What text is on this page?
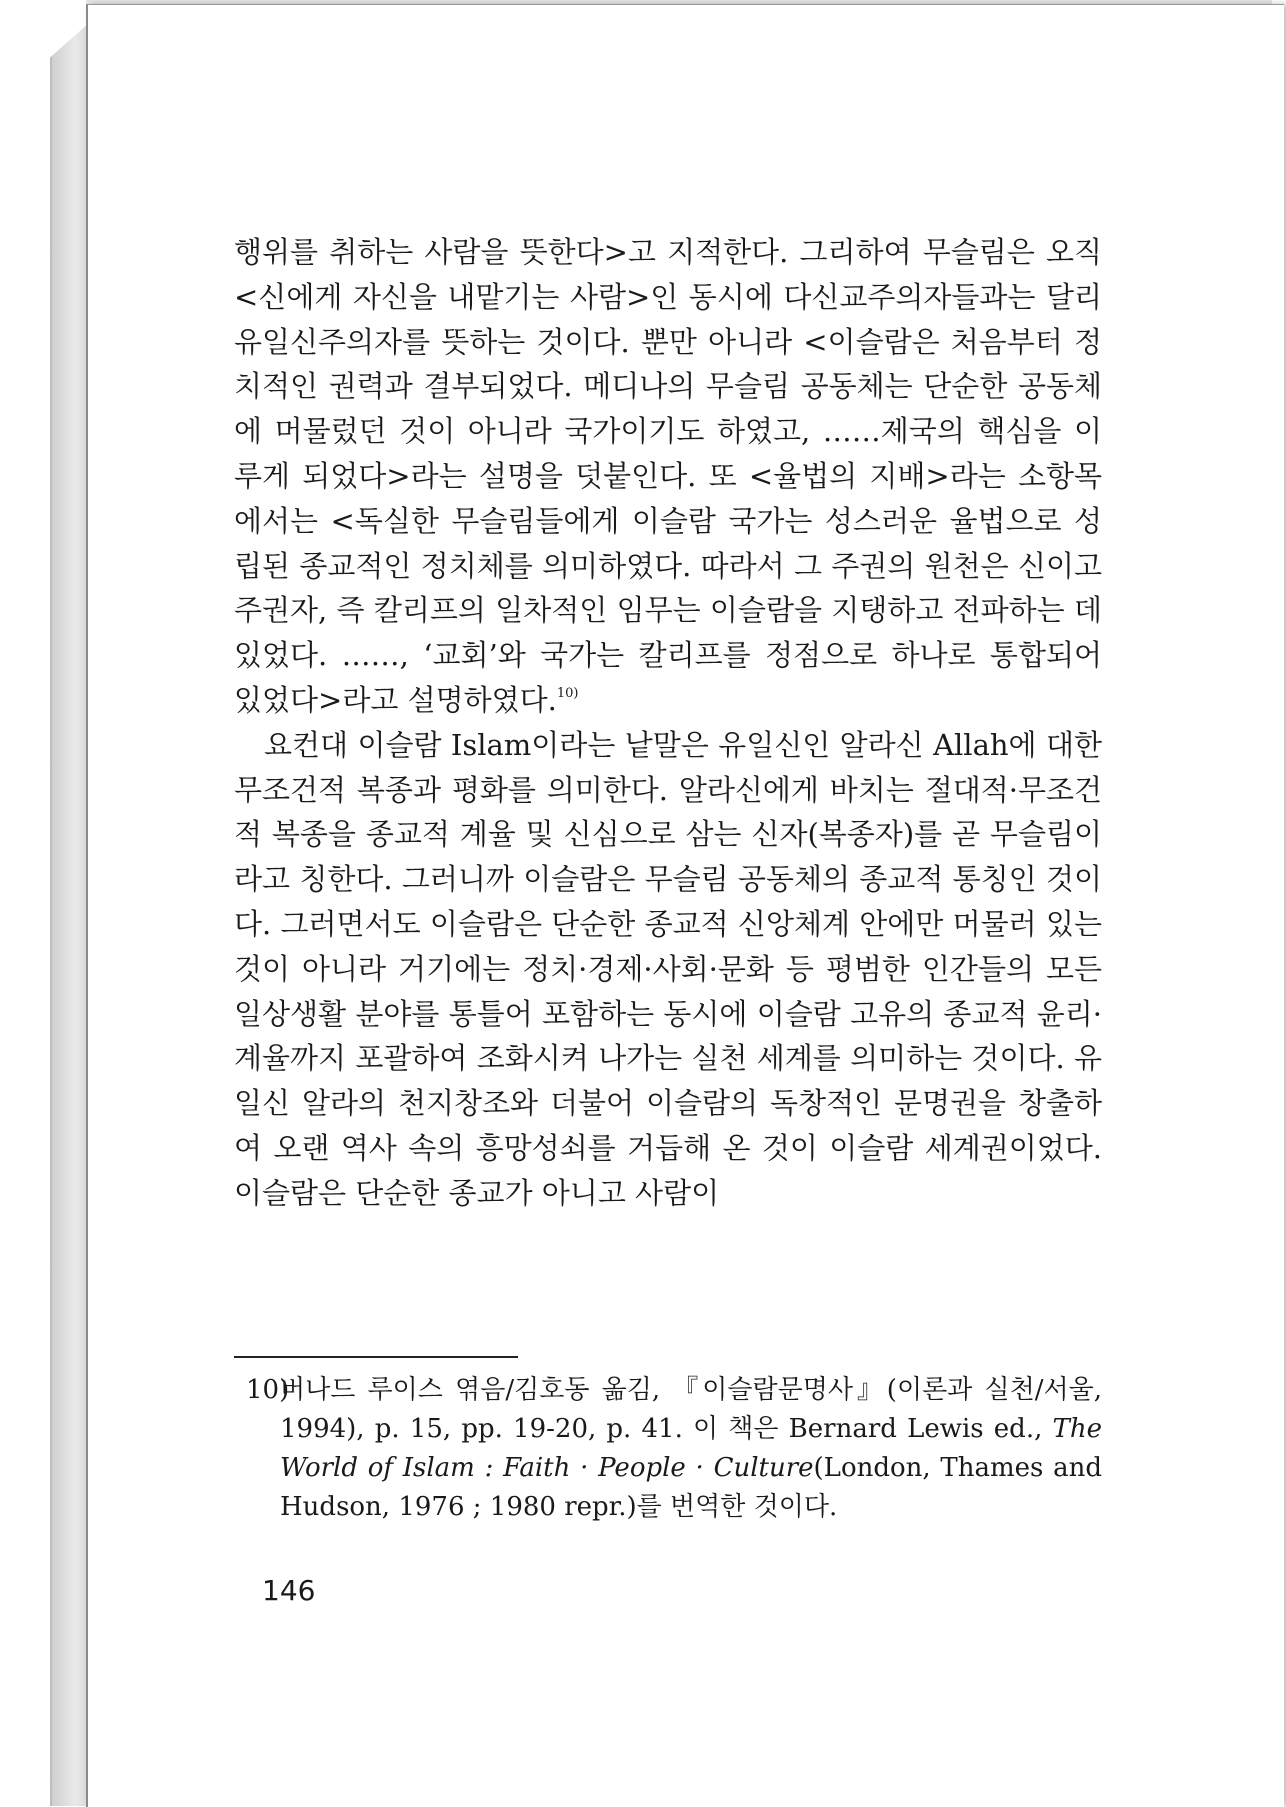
행위를 취하는 사람을 뜻한다>고 지적한다. 그리하여 무슬림은 오직 <신에게 자신을 내맡기는 사람>인 동시에 다신교주의자들과는 달리 유일신주의자를 뜻하는 것이다. 뿐만 아니라 <이슬람은 처음부터 정치적인 권력과 결부되었다. 메디나의 무슬림 공동체는 단순한 공동체에 머물렀던 것이 아니라 국가이기도 하였고, ……제국의 핵심을 이루게 되었다>라는 설명을 덧붙인다. 또 <율법의 지배>라는 소항목에서는 <독실한 무슬림들에게 이슬람 국가는 성스러운 율법으로 성립된 종교적인 정치체를 의미하였다. 따라서 그 주권의 원천은 신이고 주권자, 즉 칼리프의 일차적인 임무는 이슬람을 지탱하고 전파하는 데 있었다. ……, ‘교회’와 국가는 칼리프를 정점으로 하나로 통합되어 있었다>라고 설명하였다.$^{10)}$

요컨대 이슬람 Islam이라는 낱말은 유일신인 알라신 Allah에 대한 무조건적 복종과 평화를 의미한다. 알라신에게 바치는 절대적·무조건적 복종을 종교적 계율 및 신심으로 삼는 신자(복종자)를 곧 무슬림이라고 칭한다. 그러니까 이슬람은 무슬림 공동체의 종교적 통칭인 것이다. 그러면서도 이슬람은 단순한 종교적 신앙체계 안에만 머물러 있는 것이 아니라 거기에는 정치·경제·사회·문화 등 평범한 인간들의 모든 일상생활 분야를 통틀어 포함하는 동시에 이슬람 고유의 종교적 윤리·계율까지 포괄하여 조화시켜 나가는 실천 세계를 의미하는 것이다. 유일신 알라의 천지창조와 더불어 이슬람의 독창적인 문명권을 창출하여 오랜 역사 속의 흥망성쇠를 거듭해 온 것이 이슬람 세계권이었다. 이슬람은 단순한 종교가 아니고 사람이

10)
버나드 루이스 엮음/김호동 옮김, 『이슬람문명사』(이론과 실천/서울, 1994), p. 15, pp. 19-20, p. 41. 이 책은 Bernard Lewis ed., The World of Islam : Faith · People · Culture(London, Thames and Hudson, 1976 ; 1980 repr.)를 번역한 것이다.
146
